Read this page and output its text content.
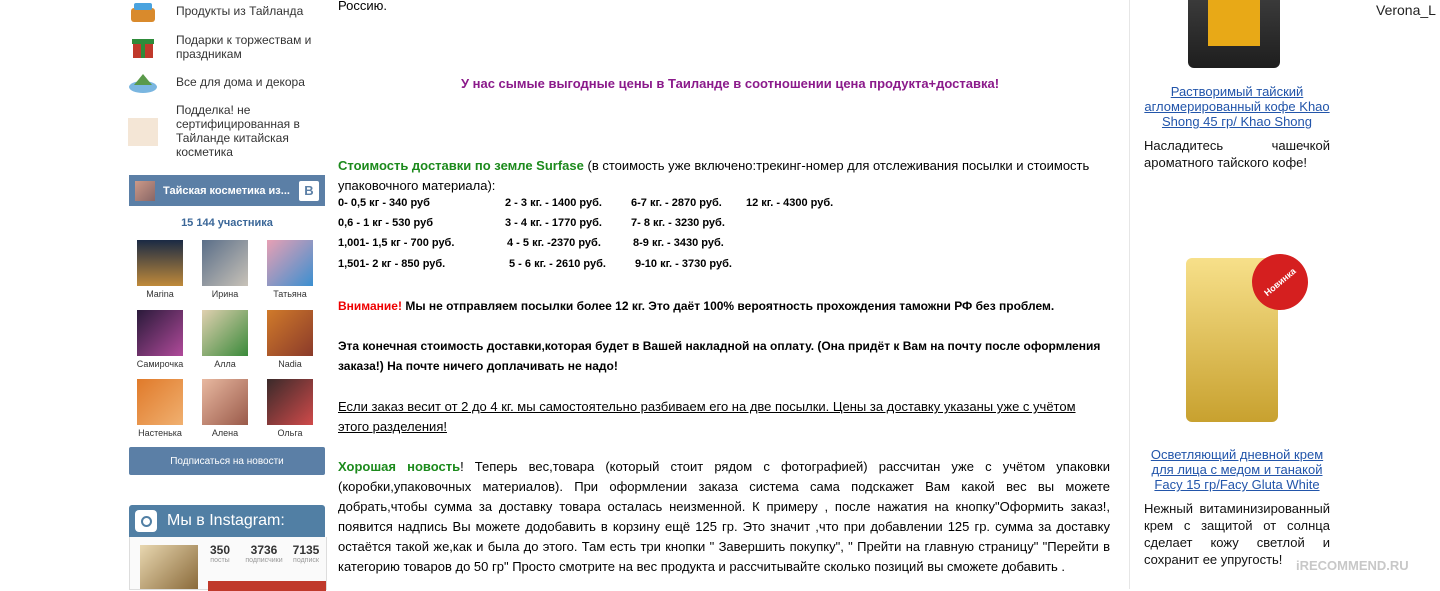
Продукты из Тайланда
Подарки к торжествам и праздникам
Все для дома и декора
Подделка! не сертифицированная в Тайланде китайская косметика
Тайская косметика из...	В
15 144 участника
Marina	Ирина	Татьяна
Самирочка	Алла	Nadia
Настенька	Алена	Ольга
Подписаться на новости
Мы в Instagram:
350
посты
3736
подписчики
7135
подписк
Россию.
У нас сымые выгодные цены в Таиланде в соотношении цена продукта+доставка!
Стоимость доставки по земле Surfase (в стоимость уже включено:трекинг-номер для отслеживания посылки и стоимость упаковочного материала):
0- 0,5 кг - 340 руб	2 - 3 кг. - 1400 руб.	6-7 кг. - 2870 руб. 12 кг. - 4300 руб.
0,6 - 1 кг - 530 руб	3 - 4 кг. - 1770 руб.	7- 8 кг. - 3230 руб.
1,001- 1,5 кг - 700 руб.	4 - 5 кг. -2370 руб.	8-9 кг. - 3430 руб.
1,501- 2 кг - 850 руб.	5 - 6 кг. - 2610 руб.	9-10 кг. - 3730 руб.
Внимание! Мы не отправляем посылки более 12 кг. Это даёт 100% вероятность прохождения таможни РФ без проблем.
Эта конечная стоимость доставки,которая будет в Вашей накладной на оплату. (Она придёт к Вам на почту после оформления заказа!) На почте ничего доплачивать не надо!
Если заказ весит от 2 до 4 кг. мы самостоятельно разбиваем его на две посылки. Цены за доставку указаны уже с учётом этого разделения!
Хорошая новость! Теперь вес,товара (который стоит рядом с фотографией) рассчитан уже с учётом упаковки (коробки,упаковочных материалов). При оформлении заказа система сама подскажет Вам какой вес вы можете добрать,чтобы сумма за доставку товара осталась неизменной. К примеру , после нажатия на кнопку"Оформить заказ!, появится надпись Вы можете додобавить в корзину ещё 125 гр. Это значит ,что при добавлении 125 гр. сумма за доставку остаётся такой же,как и была до этого. Там есть три кнопки " Завершить покупку", " Прейти на главную страницу" "Перейти в категорию товаров до 50 гр" Просто смотрите на вес продукта и рассчитывайте сколько позиций вы сможете добавить .
Растворимый тайский агломерированный кофе Khao Shong 45 гр/ Khao Shong
Насладитесь чашечкой ароматного тайского кофе!
Новинка
Осветляющий дневной крем для лица с медом и танакой Facy 15 гр/Facy Gluta White
Нежный витаминизированный крем с защитой от солнца сделает кожу светлой и сохранит ее упругость!
Verona_L
iRECOMMEND.RU
